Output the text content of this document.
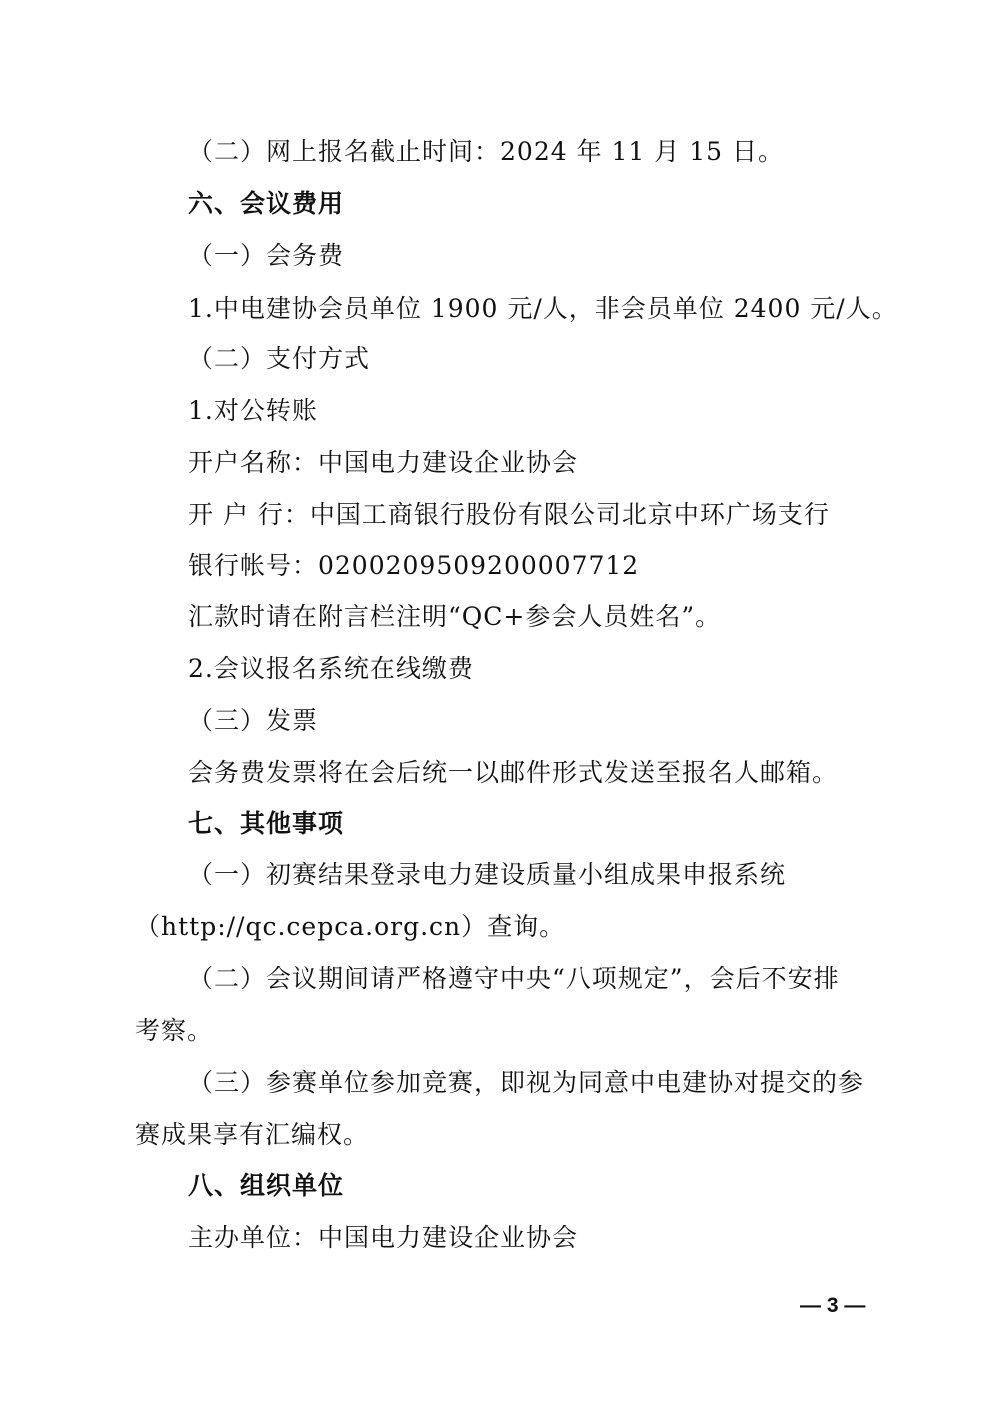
（二）网上报名截止时间：2024 年 11 月 15 日。
六、会议费用
（一）会务费
1.中电建协会员单位 1900 元/人，非会员单位 2400 元/人。
（二）支付方式
1.对公转账
开户名称：中国电力建设企业协会
开 户 行：中国工商银行股份有限公司北京中环广场支行
银行帐号：0200209509200007712
汇款时请在附言栏注明“QC+参会人员姓名”。
2.会议报名系统在线缴费
（三）发票
会务费发票将在会后统一以邮件形式发送至报名人邮箱。
七、其他事项
（一）初赛结果登录电力建设质量小组成果申报系统
（http://qc.cepca.org.cn）查询。
（二）会议期间请严格遵守中央“八项规定”，会后不安排
考察。
（三）参赛单位参加竞赛，即视为同意中电建协对提交的参
赛成果享有汇编权。
八、组织单位
主办单位：中国电力建设企业协会
— 3 —
